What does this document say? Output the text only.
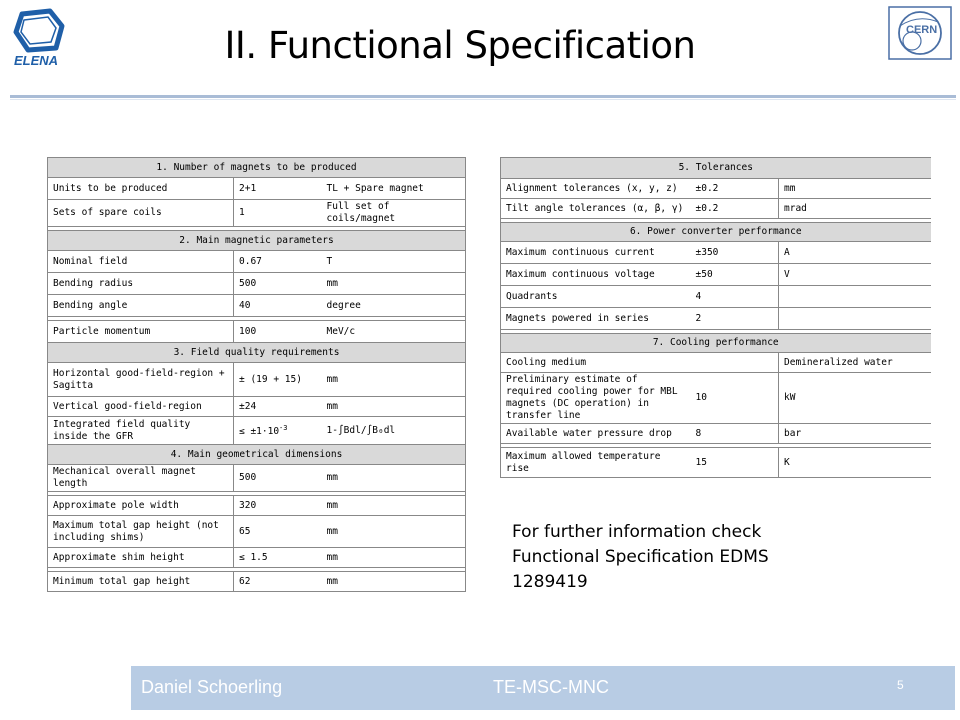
ELENA
CERN
II. Functional Specification
1. Number of magnets to be produced		
Units to be produced	2+1	TL + Spare magnet
Sets of spare coils	1	Full set of coils/magnet

2. Main magnetic parameters		
Nominal field	0.67	T
Bending radius	500	mm
Bending angle	40	degree

Particle momentum	100	MeV/c
3. Field quality requirements		
Horizontal good-field-region + Sagitta	± (19 + 15)	mm
Vertical good-field-region	±24	mm
Integrated field quality inside the GFR	≤ $\pm 1\cdot 10^{-3}$	1-∫Bdl/∫B₀dl
4. Main geometrical dimensions		
Mechanical overall magnet length	500	mm

Approximate pole width	320	mm
Maximum total gap height (not including shims)	65	mm
Approximate shim height	≤ 1.5	mm

Minimum total gap height	62	mm
5. Tolerances		
Alignment tolerances (x, y, z)	±0.2	mm
Tilt angle tolerances (α, β, γ)	±0.2	mrad

6. Power converter performance		
Maximum continuous current	±350	A
Maximum continuous voltage	±50	V
Quadrants	4	
Magnets powered in series	2	

7. Cooling performance		
Cooling medium		Demineralized water
Preliminary estimate of required cooling power for MBL magnets (DC operation) in transfer line	10	kW
Available water pressure drop	8	bar

Maximum allowed temperature rise	15	K
For further information check Functional Specification EDMS 1289419
Daniel Schoerling	TE-MSC-MNC	5
